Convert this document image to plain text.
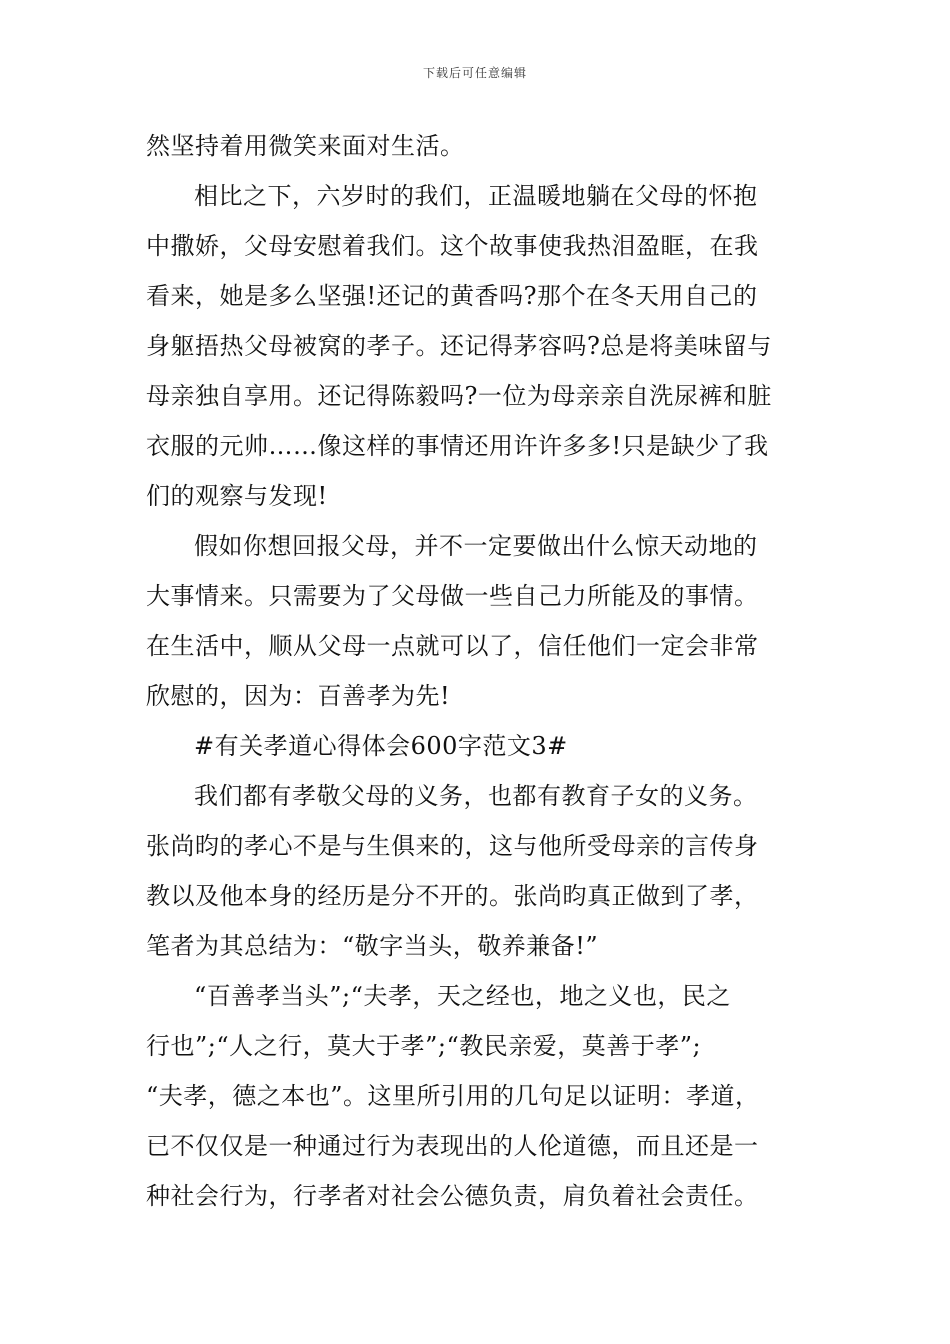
下载后可任意编辑
然坚持着用微笑来面对生活。
相比之下，六岁时的我们，正温暖地躺在父母的怀抱
中撒娇，父母安慰着我们。这个故事使我热泪盈眶，在我
看来，她是多么坚强!还记的黄香吗?那个在冬天用自己的
身躯捂热父母被窝的孝子。还记得茅容吗?总是将美味留与
母亲独自享用。还记得陈毅吗?一位为母亲亲自洗尿裤和脏
衣服的元帅……像这样的事情还用许许多多!只是缺少了我
们的观察与发现!
假如你想回报父母，并不一定要做出什么惊天动地的
大事情来。只需要为了父母做一些自己力所能及的事情。
在生活中，顺从父母一点就可以了，信任他们一定会非常
欣慰的，因为：百善孝为先!
#有关孝道心得体会600字范文3#
我们都有孝敬父母的义务，也都有教育子女的义务。
张尚昀的孝心不是与生俱来的，这与他所受母亲的言传身
教以及他本身的经历是分不开的。张尚昀真正做到了孝，
笔者为其总结为：“敬字当头，敬养兼备!”
“百善孝当头”;“夫孝，天之经也，地之义也，民之
行也”;“人之行，莫大于孝”;“教民亲爱，莫善于孝”;
“夫孝，德之本也”。这里所引用的几句足以证明：孝道，
已不仅仅是一种通过行为表现出的人伦道德，而且还是一
种社会行为，行孝者对社会公德负责，肩负着社会责任。
